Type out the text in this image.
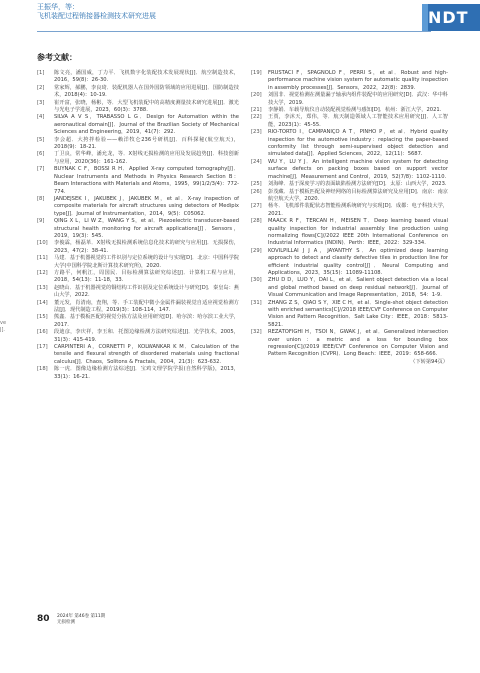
王振华，等：
飞机装配过程销接器检测技术研究进展	NDT
参考文献：
ve
J].
[1]	陈文亮，潘国威，丁力平．飞机数字化装配技术发展现状[J]．航空制造技术，2016，59(8)：26-30.
[2]	常家辉，郝鹏，李良琦．装配机器人在国外国防领域的应用进展[J]．国防制造技术，2018(4)：10-19.
[3]	崔开富，张晓，杨彬，等．大型飞机装配中的高精度测量技术研究进展[J]．激光与光电子学进展，2023，60(3)：3788.
[4]	SILVA A V S，TRABASSO L G．Design for Automation within the aeronautical domain[J]．Journal of the Brazilian Society of Mechanical Sciences and Engineering，2019，41(7)：292.
[5]	李会超．大挎拌检验——赖洋牧仑236号研机[J]．百科探秘(航空航天)，2018(9)：18-21.
[6]	丁卫良，常华峰，潘允龙，等．X射线无损检测的应用及发展趋势[J]．科技创新与应用，2020(36)：161-162.
[7]	BUYNAK C F，BOSSI R H．Applied X-ray computed tomography[J]．Nuclear Instruments and Methods in Physics Research Section B：Beam Interactions with Materials and Atoms，1995，99(1/2/3/4)：772-774.
[8]	JANDEJSEK I，JAKUBEK J，JAKUBEK M，et al．X-ray inspection of composite materials for aircraft structures using detectors of Medipix type[J]．Journal of Instrumentation，2014，9(5)：C05062.
[9]	QING X L，LI W Z，WANG Y S，et al．Piezoelectric transducer-based structural health monitoring for aircraft applications[J]．Sensors，2019，19(3)：545.
[10]	李俊霖，杨磊革．X射线无损检测系统信息化技术的研究与应用[J]．无损探伤，2023，47(2)：38-41.
[11]	马建．基于机器视觉的工件识别与定位系统的设计与实现[D]．北京：中国科学院大学(中国科学院北斯计算技术研究所)，2020.
[12]	方路平，何帆江，周国民．目标检测算法研究综述[J]．计算机工程与应用，2018，54(13)：11-18，33.
[13]	赵晓山．基于机器视觉的铜结构工件识别及定位系统设计与研究[D]．秦皇岛：燕山大学，2022.
[14]	董元发，肖清南，査翔，等．手工装配中微小金属件漏装视觉自适应视觉检测方法[J]．现代制造工程，2019(3)：108-114，147.
[15]	熊鑫．基于模板匹配的视觉分拣方法及应用研究[D]．哈尔滨：哈尔滨工业大学，2017.
[16]	段迪彦，李庆祥，李玉和．托图边缘检测方法研究综述[J]．光学技术，2005，31(3)：415-419.
[17]	CARPINTERI A，CORNETTI P，KOLWANKAR K M．Calculation of the tensile and flexural strength of disordered materials using fractional calculus[J]．Chaos，Solitons & Fractals，2004，21(3)：623-632.
[18]	陈一虎．图像边缘检测方法综述[J]．宝鸡文理学院学报(自然科学版)，2013，33(1)：16-21.
[19]	FRUSTACI F，SPAGNOLO F，PERRI S，et al．Robust and high-performance machine vision system for automatic quality inspection in assembly processes[J]．Sensors，2022，22(8)：2839.
[20]	刘国非．视觉检测在测量漏子轴承内组件装配中的应用研究[D]．武汉：华中科技大学，2019.
[21]	李静娟．车载导航仪自动装配视觉检测与感知[D]．杭州：浙江大学，2021.
[22]	王贾，李沐天，郑伟，等．航天制造领域人工智能技术应用研究[J]．人工智能，2023(1)：45-55.
[23]	RIO-TORTO I，CAMPANIÇO A T，PINHO P，et al．Hybrid quality inspection for the automotive industry：replacing the paper-based conformity list through semi-supervised object detection and simulated data[J]．Applied Sciences，2022，12(11)：5687.
[24]	WU Y，LU Y J．An intelligent machine vision system for detecting surface defects on packing boxes based on support vector machine[J]．Measurement and Control，2019，52(7/8)：1102-1110.
[25]	刘海峰．基于深度学习的表面缺陷检测方法研究[D]．太原：山西大学，2023.
[26]	彭茂藏．基于模板匹配及神经网络的目标检测算法研究及应用[D]．南京：南京航空航天大学，2020.
[27]	杨冬．飞机部件装配状态智能检测系统研究与实现[D]．成都：电子科技大学，2021.
[28]	MAACK R F，TERCAN H，MEISEN T．Deep learning based visual quality inspection for industrial assembly line production using normalizing flows[C]//2022 IEEE 20th International Conference on Industrial Informatics (INDIN)．Perth：IEEE，2022：329-334.
[29]	KOVILPILLAI J J A，JAYANTHY S．An optimized deep learning approach to detect and classify defective tiles in production line for efficient industrial quality control[J]．Neural Computing and Applications，2023，35(15)：11089-11108.
[30]	ZHU D D，LUO Y，DAI L，et al．Salient object detection via a local and global method based on deep residual network[J]．Journal of Visual Communication and Image Representation，2018，54：1-9.
[31]	ZHANG Z S，QIAO S Y，XIE C H，et al．Single-shot object detection with enriched semantics[C]//2018 IEEE/CVF Conference on Computer Vision and Pattern Recognition．Salt Lake City：IEEE，2018：5813-5821.
[32]	REZATOFIGHI H，TSOI N，GWAK J，et al．Generalized intersection over union：a metric and a loss for bounding box regression[C]//2019 IEEE/CVF Conference on Computer Vision and Pattern Recognition (CVPR)．Long Beach：IEEE，2019：658-666.
（下转第94页）
80 2024年 第46卷 第11期
无损检测
